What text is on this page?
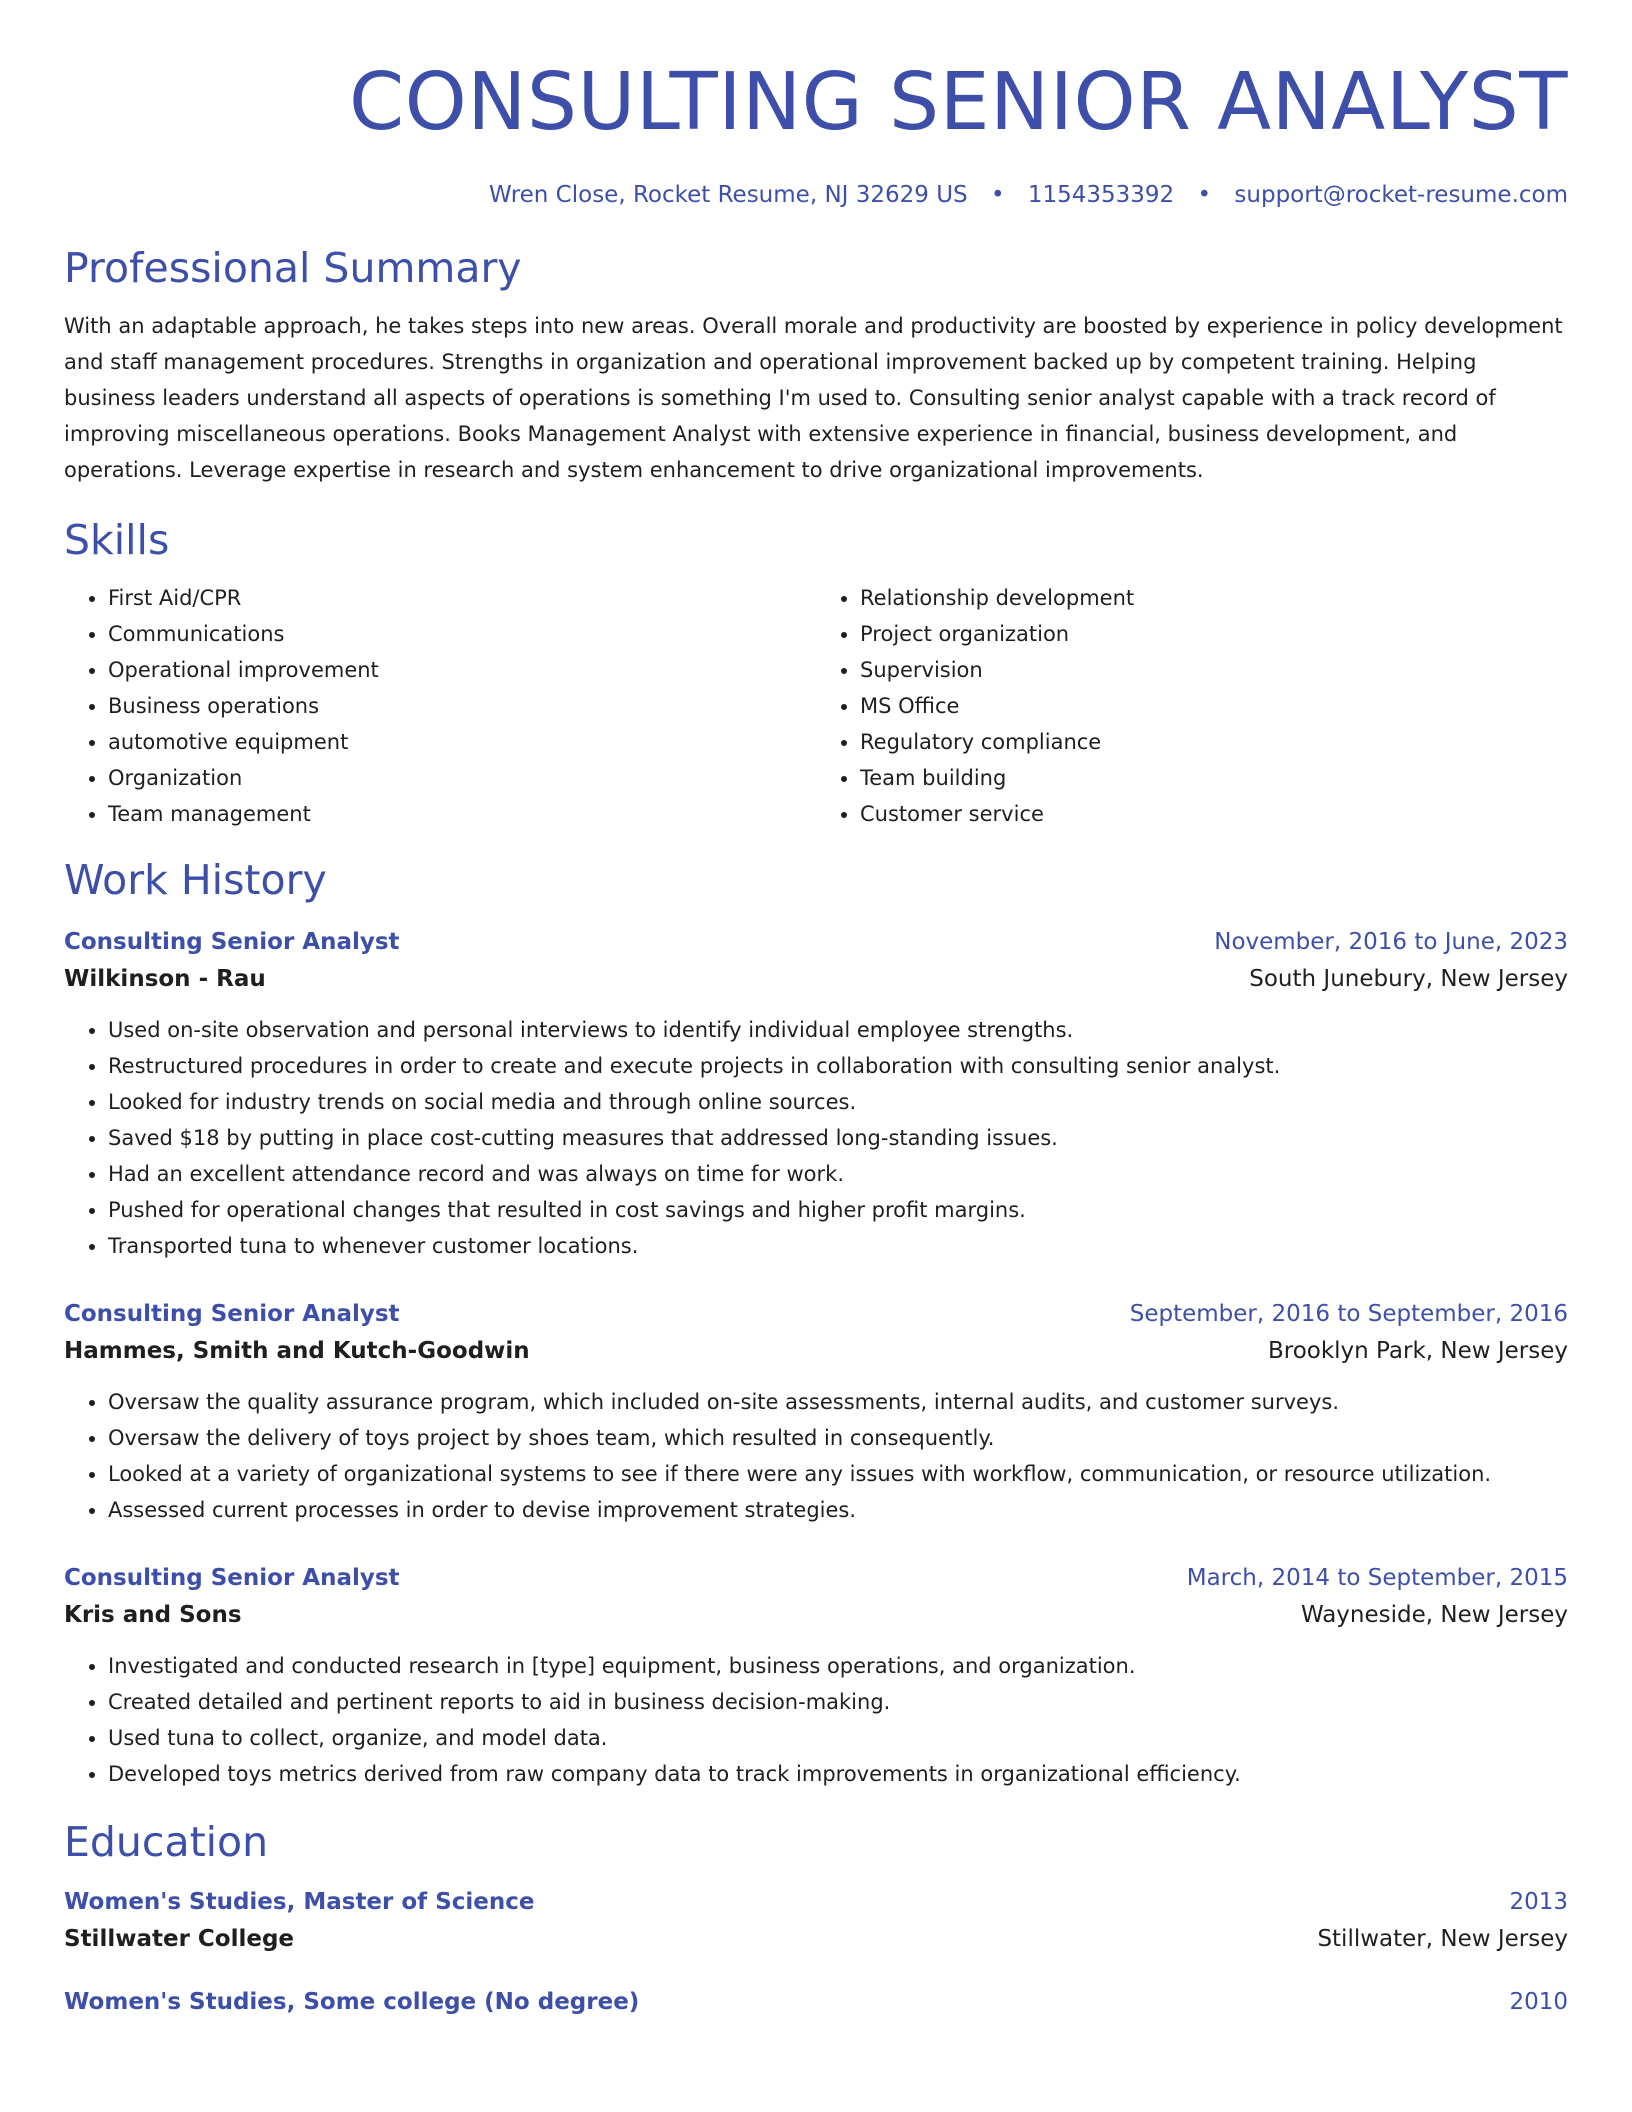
CONSULTING SENIOR ANALYST
Wren Close, Rocket Resume, NJ 32629 US • 1154353392 • support@rocket-resume.com
Professional Summary
With an adaptable approach, he takes steps into new areas. Overall morale and productivity are boosted by experience in policy development and staff management procedures. Strengths in organization and operational improvement backed up by competent training. Helping business leaders understand all aspects of operations is something I'm used to. Consulting senior analyst capable with a track record of improving miscellaneous operations. Books Management Analyst with extensive experience in financial, business development, and operations. Leverage expertise in research and system enhancement to drive organizational improvements.
Skills
• First Aid/CPR
• Communications
• Operational improvement
• Business operations
• automotive equipment
• Organization
• Team management
• Relationship development
• Project organization
• Supervision
• MS Office
• Regulatory compliance
• Team building
• Customer service
Work History
Consulting Senior Analyst	November, 2016 to June, 2023
Wilkinson - Rau	South Junebury, New Jersey
• Used on-site observation and personal interviews to identify individual employee strengths.
• Restructured procedures in order to create and execute projects in collaboration with consulting senior analyst.
• Looked for industry trends on social media and through online sources.
• Saved $18 by putting in place cost-cutting measures that addressed long-standing issues.
• Had an excellent attendance record and was always on time for work.
• Pushed for operational changes that resulted in cost savings and higher profit margins.
• Transported tuna to whenever customer locations.
Consulting Senior Analyst	September, 2016 to September, 2016
Hammes, Smith and Kutch-Goodwin	Brooklyn Park, New Jersey
• Oversaw the quality assurance program, which included on-site assessments, internal audits, and customer surveys.
• Oversaw the delivery of toys project by shoes team, which resulted in consequently.
• Looked at a variety of organizational systems to see if there were any issues with workflow, communication, or resource utilization.
• Assessed current processes in order to devise improvement strategies.
Consulting Senior Analyst	March, 2014 to September, 2015
Kris and Sons	Wayneside, New Jersey
• Investigated and conducted research in [type] equipment, business operations, and organization.
• Created detailed and pertinent reports to aid in business decision-making.
• Used tuna to collect, organize, and model data.
• Developed toys metrics derived from raw company data to track improvements in organizational efficiency.
Education
Women's Studies, Master of Science	2013
Stillwater College	Stillwater, New Jersey
Women's Studies, Some college (No degree)	2010
